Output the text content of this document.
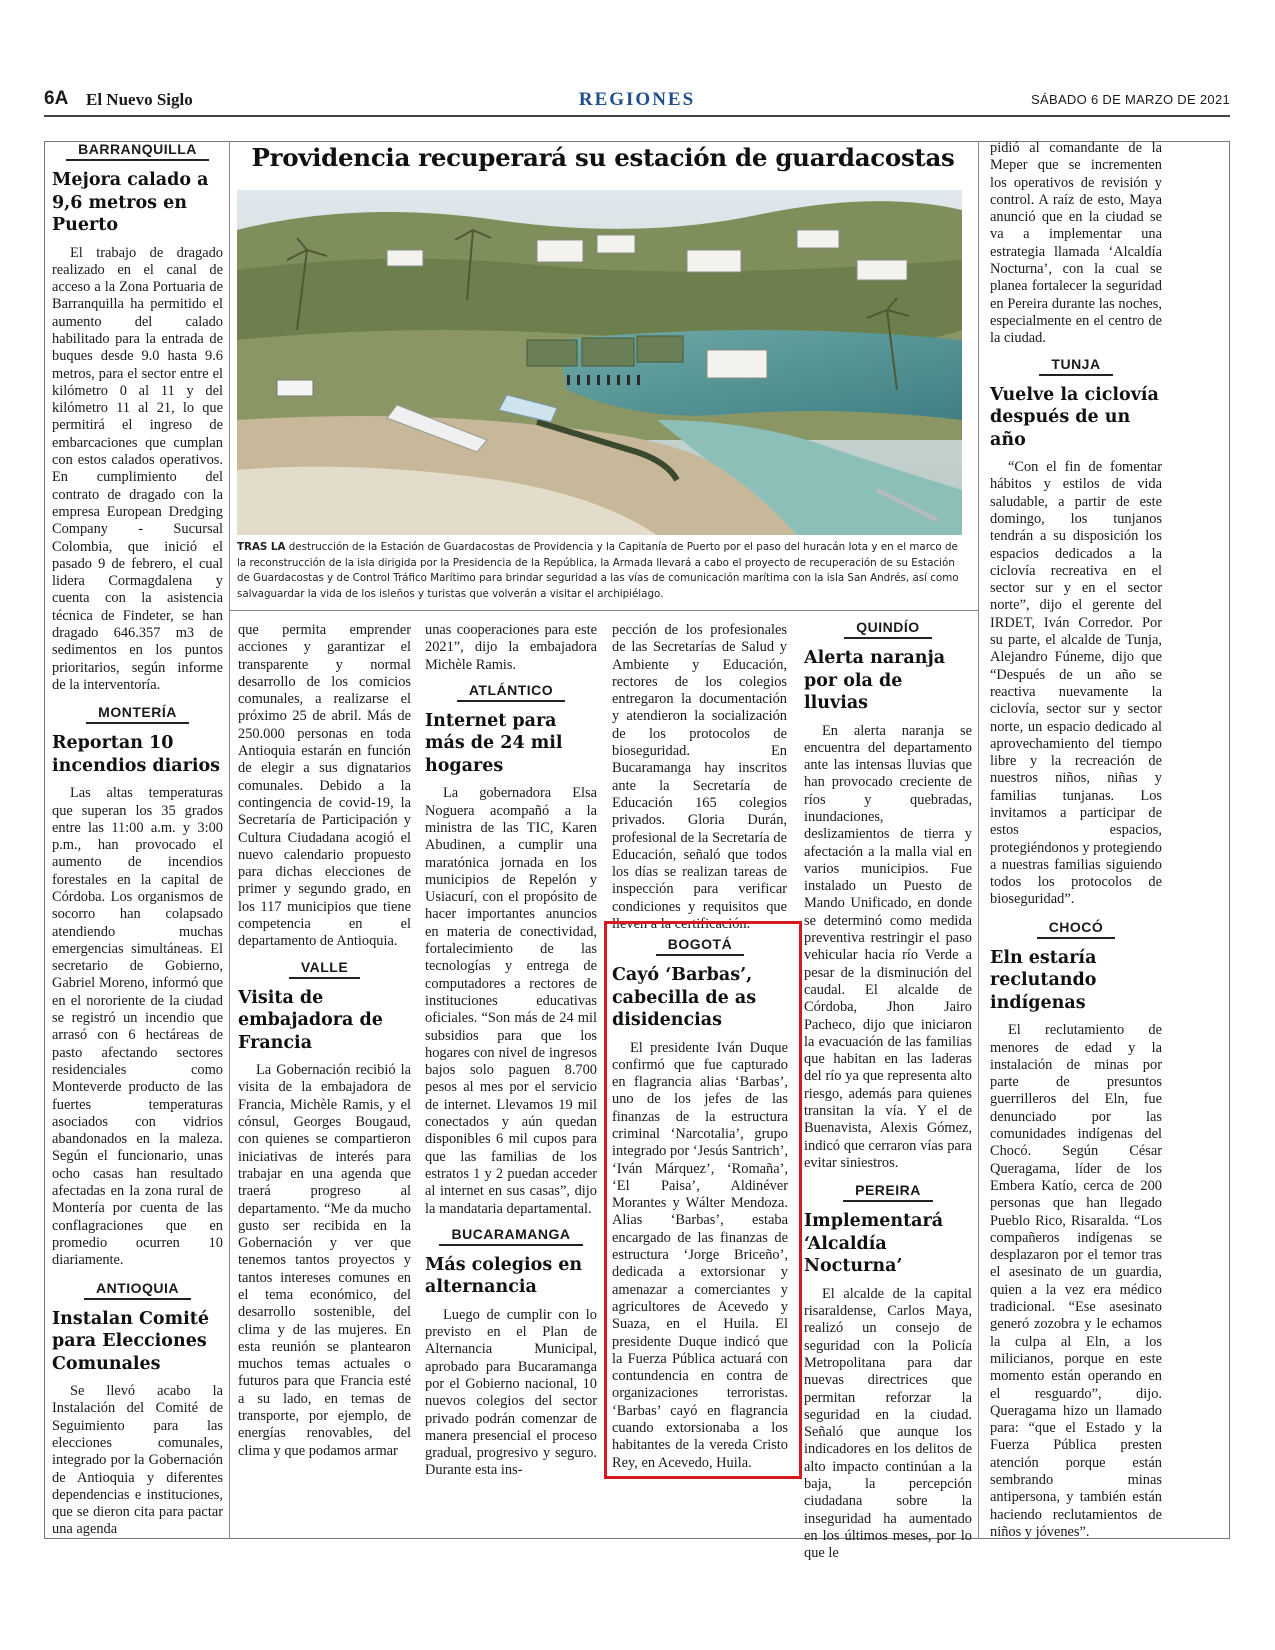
6A El Nuevo Siglo	REGIONES	SÁBADO 6 DE MARZO DE 2021
BARRANQUILLA
Mejora calado a 9,6 metros en Puerto

El trabajo de dragado realizado en el canal de acceso a la Zona Portuaria de Barranquilla ha permitido el aumento del calado habilitado para la entrada de buques desde 9.0 hasta 9.6 metros, para el sector entre el kilómetro 0 al 11 y del kilómetro 11 al 21, lo que permitirá el ingreso de embarcaciones que cumplan con estos calados operativos. En cumplimiento del contrato de dragado con la empresa European Dredging Company - Sucursal Colombia, que inició el pasado 9 de febrero, el cual lidera Cormagdalena y cuenta con la asistencia técnica de Findeter, se han dragado 646.357 m3 de sedimentos en los puntos prioritarios, según informe de la interventoría.

MONTERÍA
Reportan 10 incendios diarios

Las altas temperaturas que superan los 35 grados entre las 11:00 a.m. y 3:00 p.m., han provocado el aumento de incendios forestales en la capital de Córdoba. Los organismos de socorro han colapsado atendiendo muchas emergencias simultáneas. El secretario de Gobierno, Gabriel Moreno, informó que en el nororiente de la ciudad se registró un incendio que arrasó con 6 hectáreas de pasto afectando sectores residenciales como Monteverde producto de las fuertes temperaturas asociados con vidrios abandonados en la maleza. Según el funcionario, unas ocho casas han resultado afectadas en la zona rural de Montería por cuenta de las conflagraciones que en promedio ocurren 10 diariamente.

ANTIOQUIA
Instalan Comité para Elecciones Comunales

Se llevó acabo la Instalación del Comité de Seguimiento para las elecciones comunales, integrado por la Gobernación de Antioquia y diferentes dependencias e instituciones, que se dieron cita para pactar una agenda

Providencia recuperará su estación de guardacostas

TRAS LA destrucción de la Estación de Guardacostas de Providencia y la Capitanía de Puerto por el paso del huracán Iota y en el marco de la reconstrucción de la isla dirigida por la Presidencia de la República, la Armada llevará a cabo el proyecto de recuperación de su Estación de Guardacostas y de Control Tráfico Marítimo para brindar seguridad a las vías de comunicación marítima con la isla San Andrés, así como salvaguardar la vida de los isleños y turistas que volverán a visitar el archipiélago.

que permita emprender acciones y garantizar el transparente y normal desarrollo de los comicios comunales, a realizarse el próximo 25 de abril. Más de 250.000 personas en toda Antioquia estarán en función de elegir a sus dignatarios comunales. Debido a la contingencia de covid-19, la Secretaría de Participación y Cultura Ciudadana acogió el nuevo calendario propuesto para dichas elecciones de primer y segundo grado, en los 117 municipios que tiene competencia en el departamento de Antioquia.

VALLE
Visita de embajadora de Francia

La Gobernación recibió la visita de la embajadora de Francia, Michèle Ramis, y el cónsul, Georges Bougaud, con quienes se compartieron iniciativas de interés para trabajar en una agenda que traerá progreso al departamento. “Me da mucho gusto ser recibida en la Gobernación y ver que tenemos tantos proyectos y tantos intereses comunes en el tema económico, del desarrollo sostenible, del clima y de las mujeres. En esta reunión se plantearon muchos temas actuales o futuros para que Francia esté a su lado, en temas de transporte, por ejemplo, de energías renovables, del clima y que podamos armar

unas cooperaciones para este 2021”, dijo la embajadora Michèle Ramis.

ATLÁNTICO
Internet para más de 24 mil hogares

La gobernadora Elsa Noguera acompañó a la ministra de las TIC, Karen Abudinen, a cumplir una maratónica jornada en los municipios de Repelón y Usiacurí, con el propósito de hacer importantes anuncios en materia de conectividad, fortalecimiento de las tecnologías y entrega de computadores a rectores de instituciones educativas oficiales. “Son más de 24 mil subsidios para que los hogares con nivel de ingresos bajos solo paguen 8.700 pesos al mes por el servicio de internet. Llevamos 19 mil conectados y aún quedan disponibles 6 mil cupos para que las familias de los estratos 1 y 2 puedan acceder al internet en sus casas”, dijo la mandataria departamental.

BUCARAMANGA
Más colegios en alternancia

Luego de cumplir con lo previsto en el Plan de Alternancia Municipal, aprobado para Bucaramanga por el Gobierno nacional, 10 nuevos colegios del sector privado podrán comenzar de manera presencial el proceso gradual, progresivo y seguro. Durante esta ins-

pección de los profesionales de las Secretarías de Salud y Ambiente y Educación, rectores de los colegios entregaron la documentación y atendieron la socialización de los protocolos de bioseguridad. En Bucaramanga hay inscritos ante la Secretaría de Educación 165 colegios privados. Gloria Durán, profesional de la Secretaría de Educación, señaló que todos los días se realizan tareas de inspección para verificar condiciones y requisitos que lleven a la certificación.

BOGOTÁ
Cayó ‘Barbas’, cabecilla de as disidencias

El presidente Iván Duque confirmó que fue capturado en flagrancia alias ‘Barbas’, uno de los jefes de las finanzas de la estructura criminal ‘Narcotalia’, grupo integrado por ‘Jesús Santrich’, ‘Iván Márquez’, ‘Romaña’, ‘El Paisa’, Aldinéver Morantes y Wálter Mendoza. Alias ‘Barbas’, estaba encargado de las finanzas de estructura ‘Jorge Briceño’, dedicada a extorsionar y amenazar a comerciantes y agricultores de Acevedo y Suaza, en el Huila. El presidente Duque indicó que la Fuerza Pública actuará con contundencia en contra de organizaciones terroristas. ‘Barbas’ cayó en flagrancia cuando extorsionaba a los habitantes de la vereda Cristo Rey, en Acevedo, Huila.

QUINDÍO
Alerta naranja por ola de lluvias

En alerta naranja se encuentra del departamento ante las intensas lluvias que han provocado creciente de ríos y quebradas, inundaciones, deslizamientos de tierra y afectación a la malla vial en varios municipios. Fue instalado un Puesto de Mando Unificado, en donde se determinó como medida preventiva restringir el paso vehicular hacia río Verde a pesar de la disminución del caudal. El alcalde de Córdoba, Jhon Jairo Pacheco, dijo que iniciaron la evacuación de las familias que habitan en las laderas del río ya que representa alto riesgo, además para quienes transitan la vía. Y el de Buenavista, Alexis Gómez, indicó que cerraron vías para evitar siniestros.

PEREIRA
Implementará ‘Alcaldía Nocturna’

El alcalde de la capital risaraldense, Carlos Maya, realizó un consejo de seguridad con la Policía Metropolitana para dar nuevas directrices que permitan reforzar la seguridad en la ciudad. Señaló que aunque los indicadores en los delitos de alto impacto continúan a la baja, la percepción ciudadana sobre la inseguridad ha aumentado en los últimos meses, por lo que le

pidió al comandante de la Meper que se incrementen los operativos de revisión y control. A raíz de esto, Maya anunció que en la ciudad se va a implementar una estrategia llamada ‘Alcaldía Nocturna’, con la cual se planea fortalecer la seguridad en Pereira durante las noches, especialmente en el centro de la ciudad.

TUNJA
Vuelve la ciclovía después de un año

“Con el fin de fomentar hábitos y estilos de vida saludable, a partir de este domingo, los tunjanos tendrán a su disposición los espacios dedicados a la ciclovía recreativa en el sector sur y en el sector norte”, dijo el gerente del IRDET, Iván Corredor. Por su parte, el alcalde de Tunja, Alejandro Fúneme, dijo que “Después de un año se reactiva nuevamente la ciclovía, sector sur y sector norte, un espacio dedicado al aprovechamiento del tiempo libre y la recreación de nuestros niños, niñas y familias tunjanas. Los invitamos a participar de estos espacios, protegiéndonos y protegiendo a nuestras familias siguiendo todos los protocolos de bioseguridad”.

CHOCÓ
Eln estaría reclutando indígenas

El reclutamiento de menores de edad y la instalación de minas por parte de presuntos guerrilleros del Eln, fue denunciado por las comunidades indígenas del Chocó. Según César Queragama, líder de los Embera Katío, cerca de 200 personas que han llegado Pueblo Rico, Risaralda. “Los compañeros indígenas se desplazaron por el temor tras el asesinato de un guardia, quien a la vez era médico tradicional. “Ese asesinato generó zozobra y le echamos la culpa al Eln, a los milicianos, porque en este momento están operando en el resguardo”, dijo. Queragama hizo un llamado para: “que el Estado y la Fuerza Pública presten atención porque están sembrando minas antipersona, y también están haciendo reclutamientos de niños y jóvenes”.
